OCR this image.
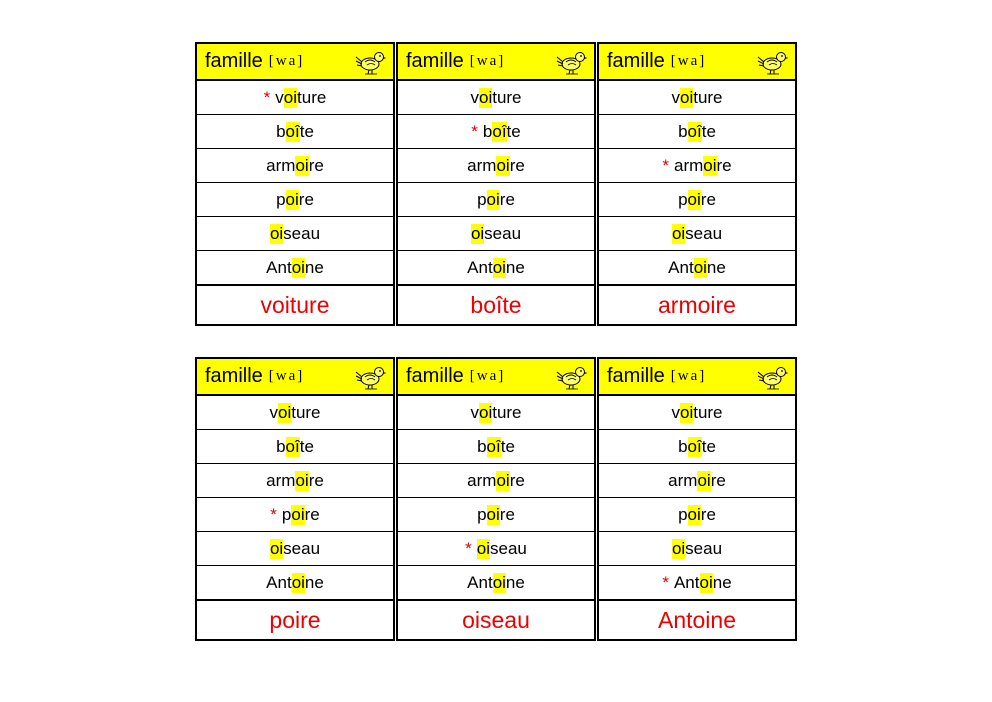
famille [wa]
* v oi ture
b oî te
arm oi re
p oi re
oi seau
Ant oi ne
voiture
famille [wa]
v oi ture
* b oî te
arm oi re
p oi re
oi seau
Ant oi ne
boîte
famille [wa]
v oi ture
b oî te
* arm oi re
p oi re
oi seau
Ant oi ne
armoire
famille [wa]
v oi ture
b oî te
arm oi re
* p oi re
oi seau
Ant oi ne
poire
famille [wa]
v oi ture
b oî te
arm oi re
p oi re
* oi seau
Ant oi ne
oiseau
famille [wa]
v oi ture
b oî te
arm oi re
p oi re
oi seau
* Ant oi ne
Antoine
